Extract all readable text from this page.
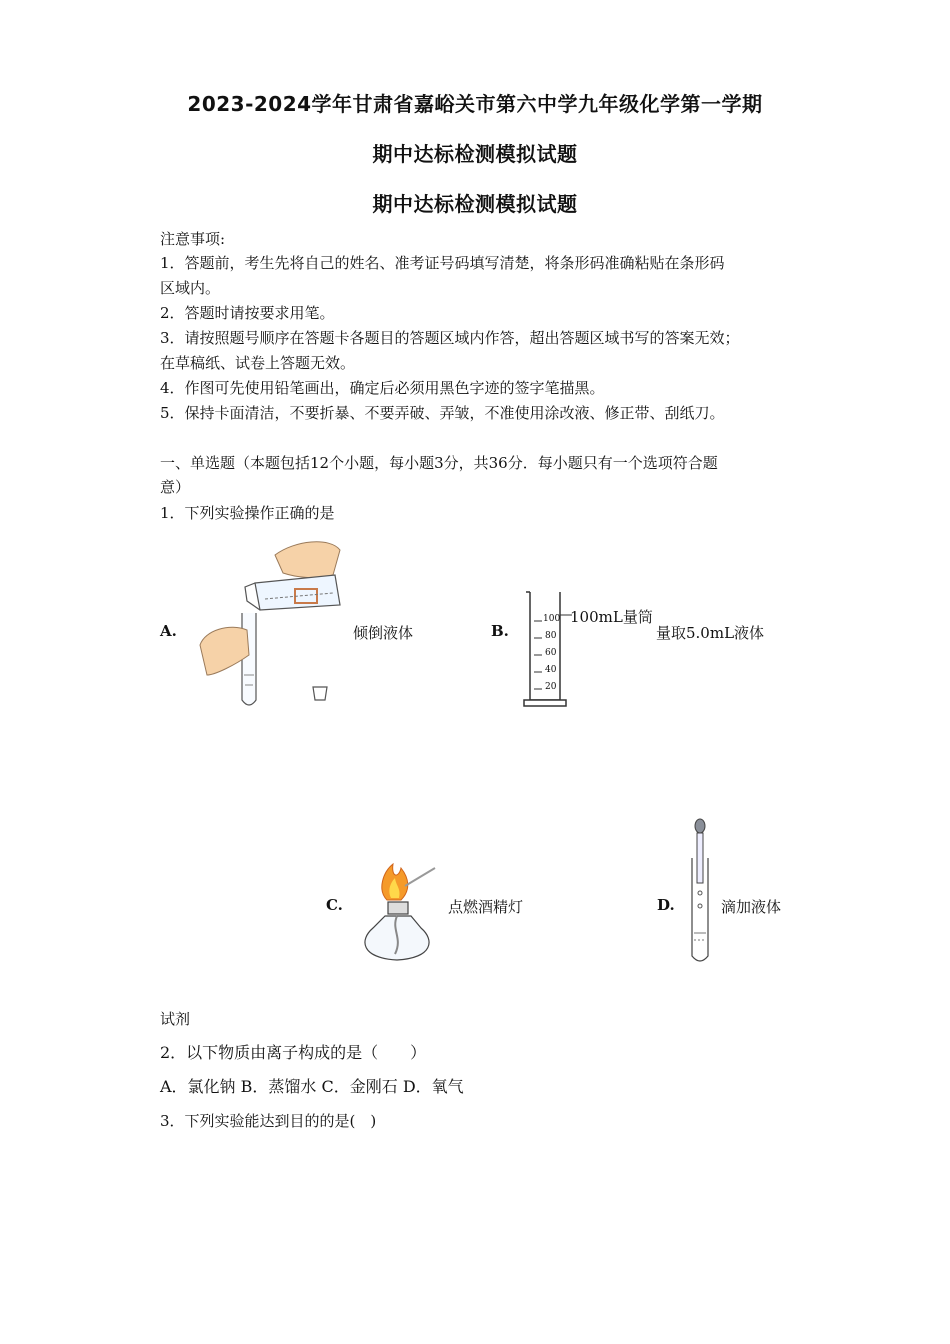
2023-2024学年甘肃省嘉峪关市第六中学九年级化学第一学期
期中达标检测模拟试题
期中达标检测模拟试题
注意事项:
1．答题前，考生先将自己的姓名、准考证号码填写清楚，将条形码准确粘贴在条形码
区域内。
2．答题时请按要求用笔。
3．请按照题号顺序在答题卡各题目的答题区域内作答，超出答题区域书写的答案无效；
在草稿纸、试卷上答题无效。
4．作图可先使用铅笔画出，确定后必须用黑色字迹的签字笔描黑。
5．保持卡面清洁，不要折暴、不要弄破、弄皱，不准使用涂改液、修正带、刮纸刀。
一、单选题（本题包括12个小题，每小题3分，共36分．每小题只有一个选项符合题
意）
1．下列实验操作正确的是
A.	倾倒液体	B.
100mL量筒
100
80
60
40
20
量取5.0mL液体
C.	点燃酒精灯	D.	滴加液体
试剂
2．以下物质由离子构成的是（　　）
A．氯化钠 B．蒸馏水 C．金刚石 D．氧气
3．下列实验能达到目的的是(　)
